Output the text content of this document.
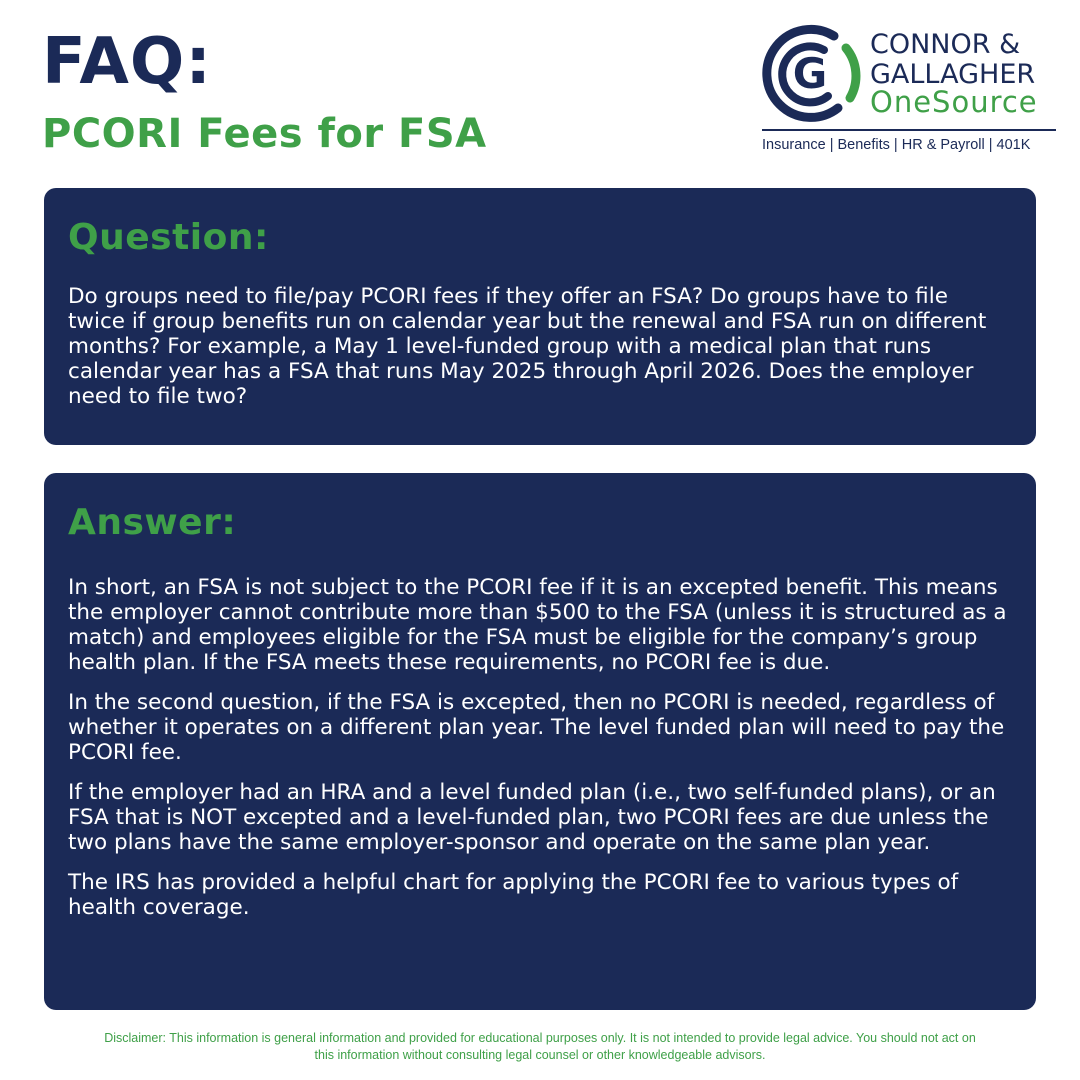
FAQ:
PCORI Fees for FSA
G
CONNOR &
GALLAGHER
OneSource
Insurance | Benefits | HR & Payroll | 401K
Question:

Do groups need to file/pay PCORI fees if they offer an FSA? Do groups have to file twice if group benefits run on calendar year but the renewal and FSA run on different months? For example, a May 1 level-funded group with a medical plan that runs calendar year has a FSA that runs May 2025 through April 2026. Does the employer need to file two?

Answer:

In short, an FSA is not subject to the PCORI fee if it is an excepted benefit. This means the employer cannot contribute more than $500 to the FSA (unless it is structured as a match) and employees eligible for the FSA must be eligible for the company’s group health plan. If the FSA meets these requirements, no PCORI fee is due.

In the second question, if the FSA is excepted, then no PCORI is needed, regardless of whether it operates on a different plan year. The level funded plan will need to pay the PCORI fee.

If the employer had an HRA and a level funded plan (i.e., two self-funded plans), or an FSA that is NOT excepted and a level-funded plan, two PCORI fees are due unless the two plans have the same employer-sponsor and operate on the same plan year.

The IRS has provided a helpful chart for applying the PCORI fee to various types of health coverage.

Disclaimer: This information is general information and provided for educational purposes only. It is not intended to provide legal advice. You should not act on this information without consulting legal counsel or other knowledgeable advisors.
